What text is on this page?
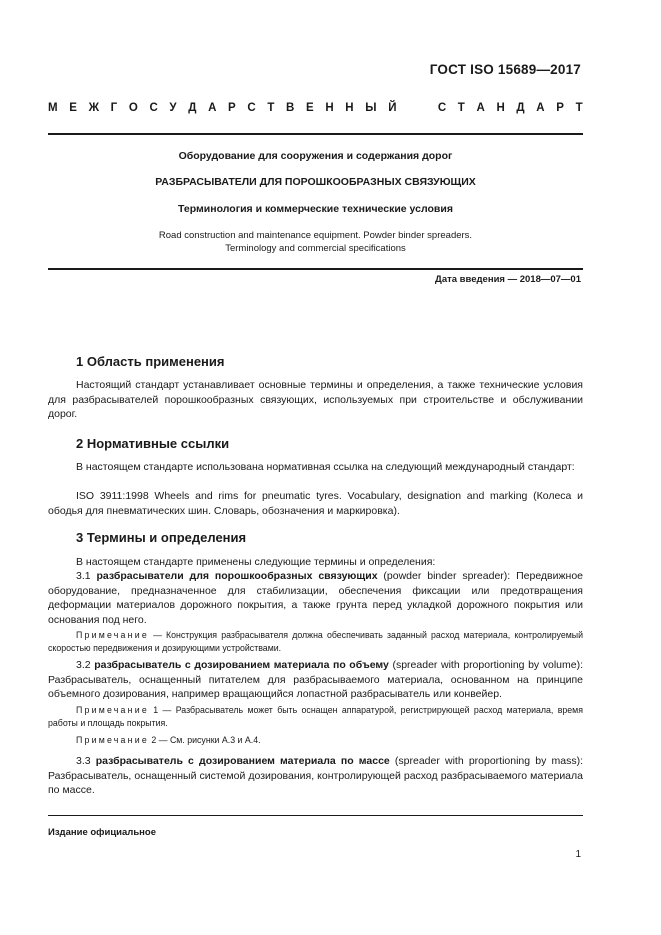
ГОСТ ISO 15689—2017
М Е Ж Г О С У Д А Р С Т В Е Н Н Ы Й

	С Т А Н Д А Р Т
Оборудование для сооружения и содержания дорог
РАЗБРАСЫВАТЕЛИ ДЛЯ ПОРОШКООБРАЗНЫХ СВЯЗУЮЩИХ
Терминология и коммерческие технические условия
Road construction and maintenance equipment. Powder binder spreaders.
Terminology and commercial specifications
Дата введения — 2018—07—01
1 Область применения
Настоящий стандарт устанавливает основные термины и определения, а также технические условия для разбрасывателей порошкообразных связующих, используемых при строительстве и обслуживании дорог.
2 Нормативные ссылки
В настоящем стандарте использована нормативная ссылка на следующий международный стандарт:
ISO 3911:1998 Wheels and rims for pneumatic tyres. Vocabulary, designation and marking (Колеса и ободья для пневматических шин. Словарь, обозначения и маркировка).
3 Термины и определения
В настоящем стандарте применены следующие термины и определения:
3.1 разбрасыватели для порошкообразных связующих (powder binder spreader): Передвижное оборудование, предназначенное для стабилизации, обеспечения фиксации или предотвращения деформации материалов дорожного покрытия, а также грунта перед укладкой дорожного покрытия или основания под него.
Примечание — Конструкция разбрасывателя должна обеспечивать заданный расход материала, контролируемый скоростью передвижения и дозирующими устройствами.
3.2 разбрасыватель с дозированием материала по объему (spreader with proportioning by volume): Разбрасыватель, оснащенный питателем для разбрасываемого материала, основанном на принципе объемного дозирования, например вращающийся лопастной разбрасыватель или конвейер.
Примечание 1 — Разбрасыватель может быть оснащен аппаратурой, регистрирующей расход материала, время работы и площадь покрытия.
Примечание 2 — См. рисунки А.3 и А.4.
3.3 разбрасыватель с дозированием материала по массе (spreader with proportioning by mass): Разбрасыватель, оснащенный системой дозирования, контролирующей расход разбрасываемого материала по массе.
Издание официальное
1
